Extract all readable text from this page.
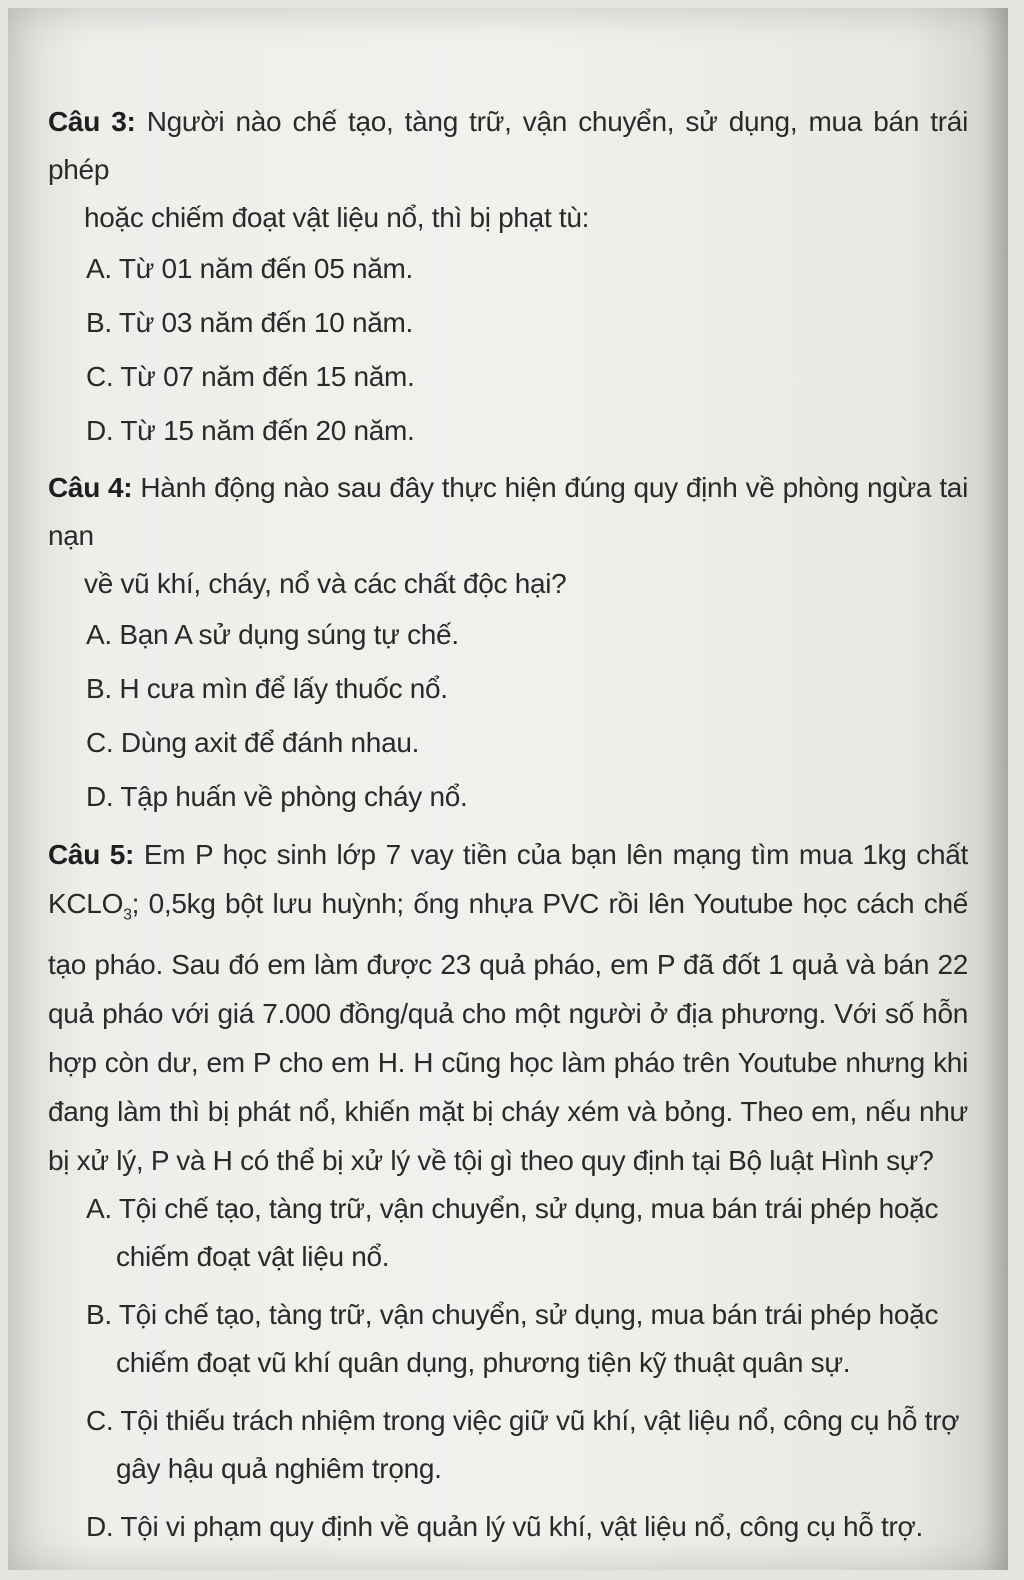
Câu 3: Người nào chế tạo, tàng trữ, vận chuyển, sử dụng, mua bán trái phép
hoặc chiếm đoạt vật liệu nổ, thì bị phạt tù:
A. Từ 01 năm đến 05 năm.
B. Từ 03 năm đến 10 năm.
C. Từ 07 năm đến 15 năm.
D. Từ 15 năm đến 20 năm.
Câu 4: Hành động nào sau đây thực hiện đúng quy định về phòng ngừa tai nạn
về vũ khí, cháy, nổ và các chất độc hại?
A. Bạn A sử dụng súng tự chế.
B. H cưa mìn để lấy thuốc nổ.
C. Dùng axit để đánh nhau.
D. Tập huấn về phòng cháy nổ.
Câu 5: Em P học sinh lớp 7 vay tiền của bạn lên mạng tìm mua 1kg chất $KCLO_3$; 0,5kg bột lưu huỳnh; ống nhựa PVC rồi lên Youtube học cách chế tạo pháo. Sau đó em làm được 23 quả pháo, em P đã đốt 1 quả và bán 22 quả pháo với giá 7.000 đồng/quả cho một người ở địa phương. Với số hỗn hợp còn dư, em P cho em H. H cũng học làm pháo trên Youtube nhưng khi đang làm thì bị phát nổ, khiến mặt bị cháy xém và bỏng. Theo em, nếu như bị xử lý, P và H có thể bị xử lý về tội gì theo quy định tại Bộ luật Hình sự?
A. Tội chế tạo, tàng trữ, vận chuyển, sử dụng, mua bán trái phép hoặc
chiếm đoạt vật liệu nổ.
B. Tội chế tạo, tàng trữ, vận chuyển, sử dụng, mua bán trái phép hoặc
chiếm đoạt vũ khí quân dụng, phương tiện kỹ thuật quân sự.
C. Tội thiếu trách nhiệm trong việc giữ vũ khí, vật liệu nổ, công cụ hỗ trợ
gây hậu quả nghiêm trọng.
D. Tội vi phạm quy định về quản lý vũ khí, vật liệu nổ, công cụ hỗ trợ.
